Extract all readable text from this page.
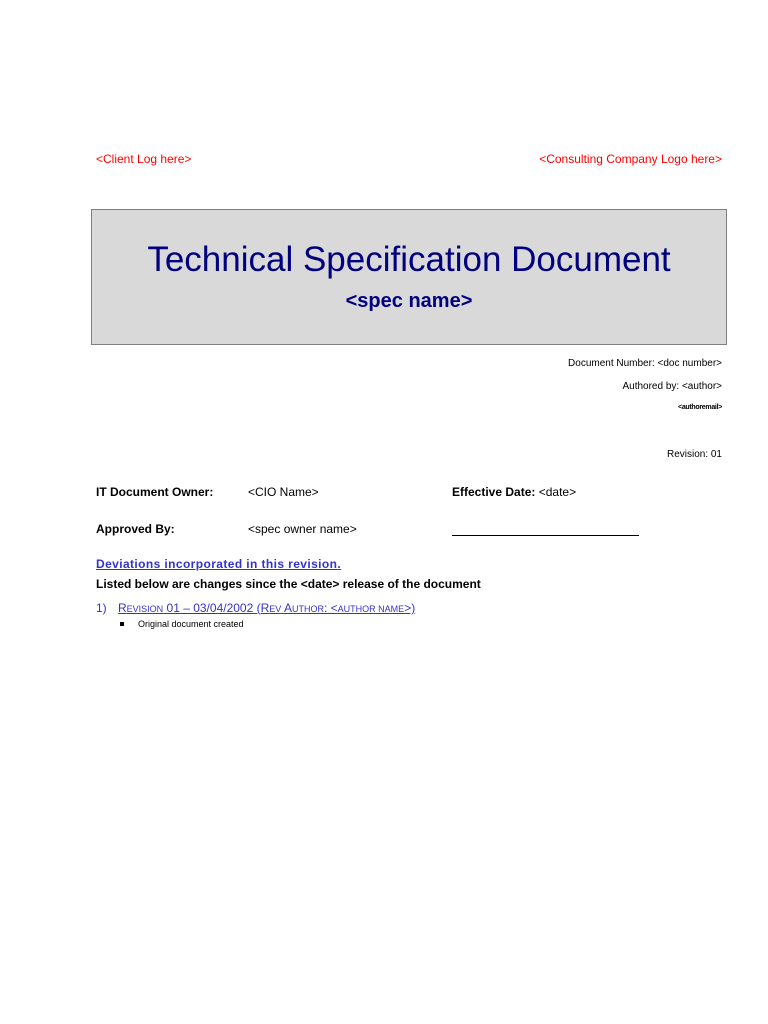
<Client Log here>	<Consulting Company Logo here>
Technical Specification Document
<spec name>
Document Number: <doc number>
Authored by: <author>
<authoremail>
Revision: 01
IT Document Owner:	<CIO Name>	Effective Date: <date>
Approved By:	<spec owner name>
Deviations incorporated in this revision.
Listed below are changes since the <date> release of the document
1) REVISION 01 – 03/04/2002 (REV AUTHOR: <AUTHOR NAME>)
Original document created
